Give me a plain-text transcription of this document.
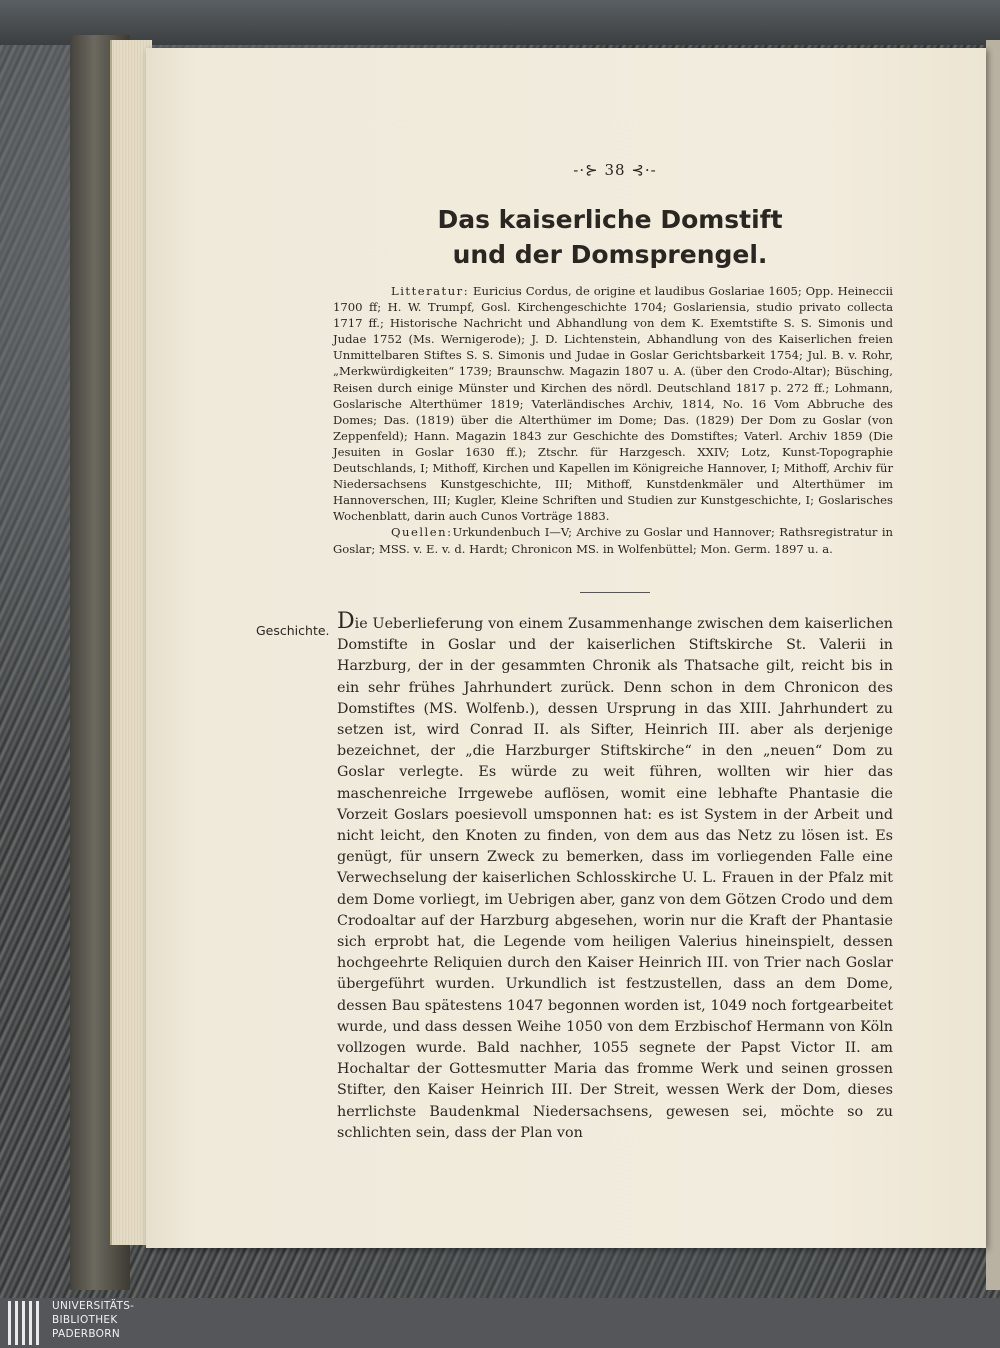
-·⊱ 38 ⊰·-
Das kaiserliche Domstift
und der Domsprengel.

Litteratur: Euricius Cordus, de origine et laudibus Goslariae 1605; Opp. Heineccii 1700 ff; H. W. Trumpf, Gosl. Kirchengeschichte 1704; Goslariensia, studio privato collecta 1717 ff.; Historische Nachricht und Abhandlung von dem K. Exemtstifte S. S. Simonis und Judae 1752 (Ms. Wernigerode); J. D. Lichtenstein, Abhandlung von des Kaiserlichen freien Unmittelbaren Stiftes S. S. Simonis und Judae in Goslar Gerichtsbarkeit 1754; Jul. B. v. Rohr, „Merkwürdigkeiten“ 1739; Braunschw. Magazin 1807 u. A. (über den Crodo-Altar); Büsching, Reisen durch einige Münster und Kirchen des nördl. Deutschland 1817 p. 272 ff.; Lohmann, Goslarische Alterthümer 1819; Vaterländisches Archiv, 1814, No. 16 Vom Abbruche des Domes; Das. (1819) über die Alterthümer im Dome; Das. (1829) Der Dom zu Goslar (von Zeppenfeld); Hann. Magazin 1843 zur Geschichte des Domstiftes; Vaterl. Archiv 1859 (Die Jesuiten in Goslar 1630 ff.); Ztschr. für Harzgesch. XXIV; Lotz, Kunst-Topographie Deutschlands, I; Mithoff, Kirchen und Kapellen im Königreiche Hannover, I; Mithoff, Archiv für Niedersachsens Kunstgeschichte, III; Mithoff, Kunstdenkmäler und Alterthümer im Hannoverschen, III; Kugler, Kleine Schriften und Studien zur Kunstgeschichte, I; Goslarisches Wochenblatt, darin auch Cunos Vorträge 1883.

Quellen:Urkundenbuch I—V; Archive zu Goslar und Hannover; Rathsregistratur in Goslar; MSS. v. E. v. d. Hardt; Chronicon MS. in Wolfenbüttel; Mon. Germ. 1897 u. a.

Geschichte. Die Ueberlieferung von einem Zusammenhange zwischen dem kaiserlichen Domstifte in Goslar und der kaiserlichen Stiftskirche St. Valerii in Harzburg, der in der gesammten Chronik als Thatsache gilt, reicht bis in ein sehr frühes Jahrhundert zurück. Denn schon in dem Chronicon des Domstiftes (MS. Wolfenb.), dessen Ursprung in das XIII. Jahrhundert zu setzen ist, wird Conrad II. als Sifter, Heinrich III. aber als derjenige bezeichnet, der „die Harzburger Stiftskirche“ in den „neuen“ Dom zu Goslar verlegte. Es würde zu weit führen, wollten wir hier das maschenreiche Irrgewebe auflösen, womit eine lebhafte Phantasie die Vorzeit Goslars poesievoll umsponnen hat: es ist System in der Arbeit und nicht leicht, den Knoten zu finden, von dem aus das Netz zu lösen ist. Es genügt, für unsern Zweck zu bemerken, dass im vorliegenden Falle eine Verwechselung der kaiserlichen Schlosskirche U. L. Frauen in der Pfalz mit dem Dome vorliegt, im Uebrigen aber, ganz von dem Götzen Crodo und dem Crodoaltar auf der Harzburg abgesehen, worin nur die Kraft der Phantasie sich erprobt hat, die Legende vom heiligen Valerius hineinspielt, dessen hochgeehrte Reliquien durch den Kaiser Heinrich III. von Trier nach Goslar übergeführt wurden. Urkundlich ist festzustellen, dass an dem Dome, dessen Bau spätestens 1047 begonnen worden ist, 1049 noch fortgearbeitet wurde, und dass dessen Weihe 1050 von dem Erzbischof Hermann von Köln vollzogen wurde. Bald nachher, 1055 segnete der Papst Victor II. am Hochaltar der Gottesmutter Maria das fromme Werk und seinen grossen Stifter, den Kaiser Heinrich III. Der Streit, wessen Werk der Dom, dieses herrlichste Baudenkmal Niedersachsens, gewesen sei, möchte so zu schlichten sein, dass der Plan von
UNIVERSITÄTS-
BIBLIOTHEK
PADERBORN
